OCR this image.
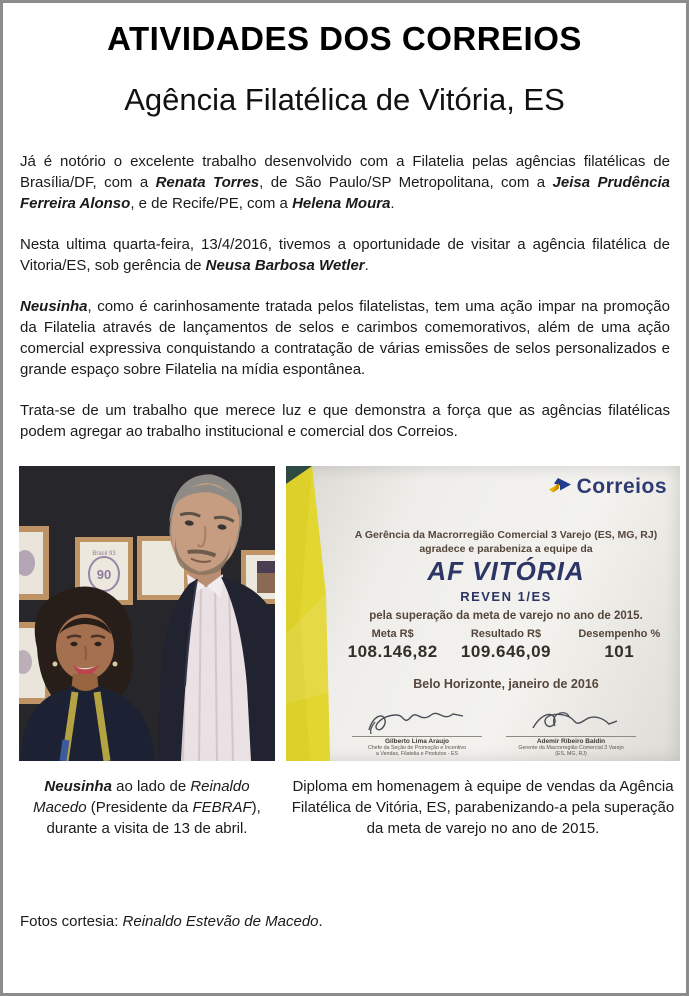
ATIVIDADES DOS CORREIOS
Agência Filatélica de Vitória, ES

Já é notório o excelente trabalho desenvolvido com a Filatelia pelas agências filatélicas de Brasília/DF, com a Renata Torres, de São Paulo/SP Metropolitana, com a Jeisa Prudência Ferreira Alonso, e de Recife/PE, com a Helena Moura.

Nesta ultima quarta-feira, 13/4/2016, tivemos a oportunidade de visitar a agência filatélica de Vitoria/ES, sob gerência de Neusa Barbosa Wetler.

Neusinha, como é carinhosamente tratada pelos filatelistas, tem uma ação impar na promoção da Filatelia através de lançamentos de selos e carimbos comemorativos, além de uma ação comercial expressiva conquistando a contratação de várias emissões de selos personalizados e grande espaço sobre Filatelia na mídia espontânea.

Trata-se de um trabalho que merece luz e que demonstra a força que as agências filatélicas podem agregar ao trabalho institucional e comercial dos Correios.

Brasil 93
90
Correios
A Gerência da Macrorregião Comercial 3 Varejo (ES, MG, RJ)
agradece e parabeniza a equipe da
AF VITÓRIA
REVEN 1/ES
pela superação da meta de varejo no ano de 2015.
Meta R$
108.146,82
Resultado R$
109.646,09
Desempenho %
101
Belo Horizonte, janeiro de 2016
Gilberto Lima Araujo
Chefe da Seção de Promoção e Incentivo
a Vendas, Filatelia e Produtos - ES
Ademir Ribeiro Baldin
Gerente da Macrorregião Comercial 3 Varejo
(ES, MG, RJ)
Neusinha ao lado de Reinaldo Macedo (Presidente da FEBRAF), durante a visita de 13 de abril.
Diploma em homenagem à equipe de vendas da Agência Filatélica de Vitória, ES, parabenizando-a pela superação da meta de varejo no ano de 2015.
Fotos cortesia: Reinaldo Estevão de Macedo.
